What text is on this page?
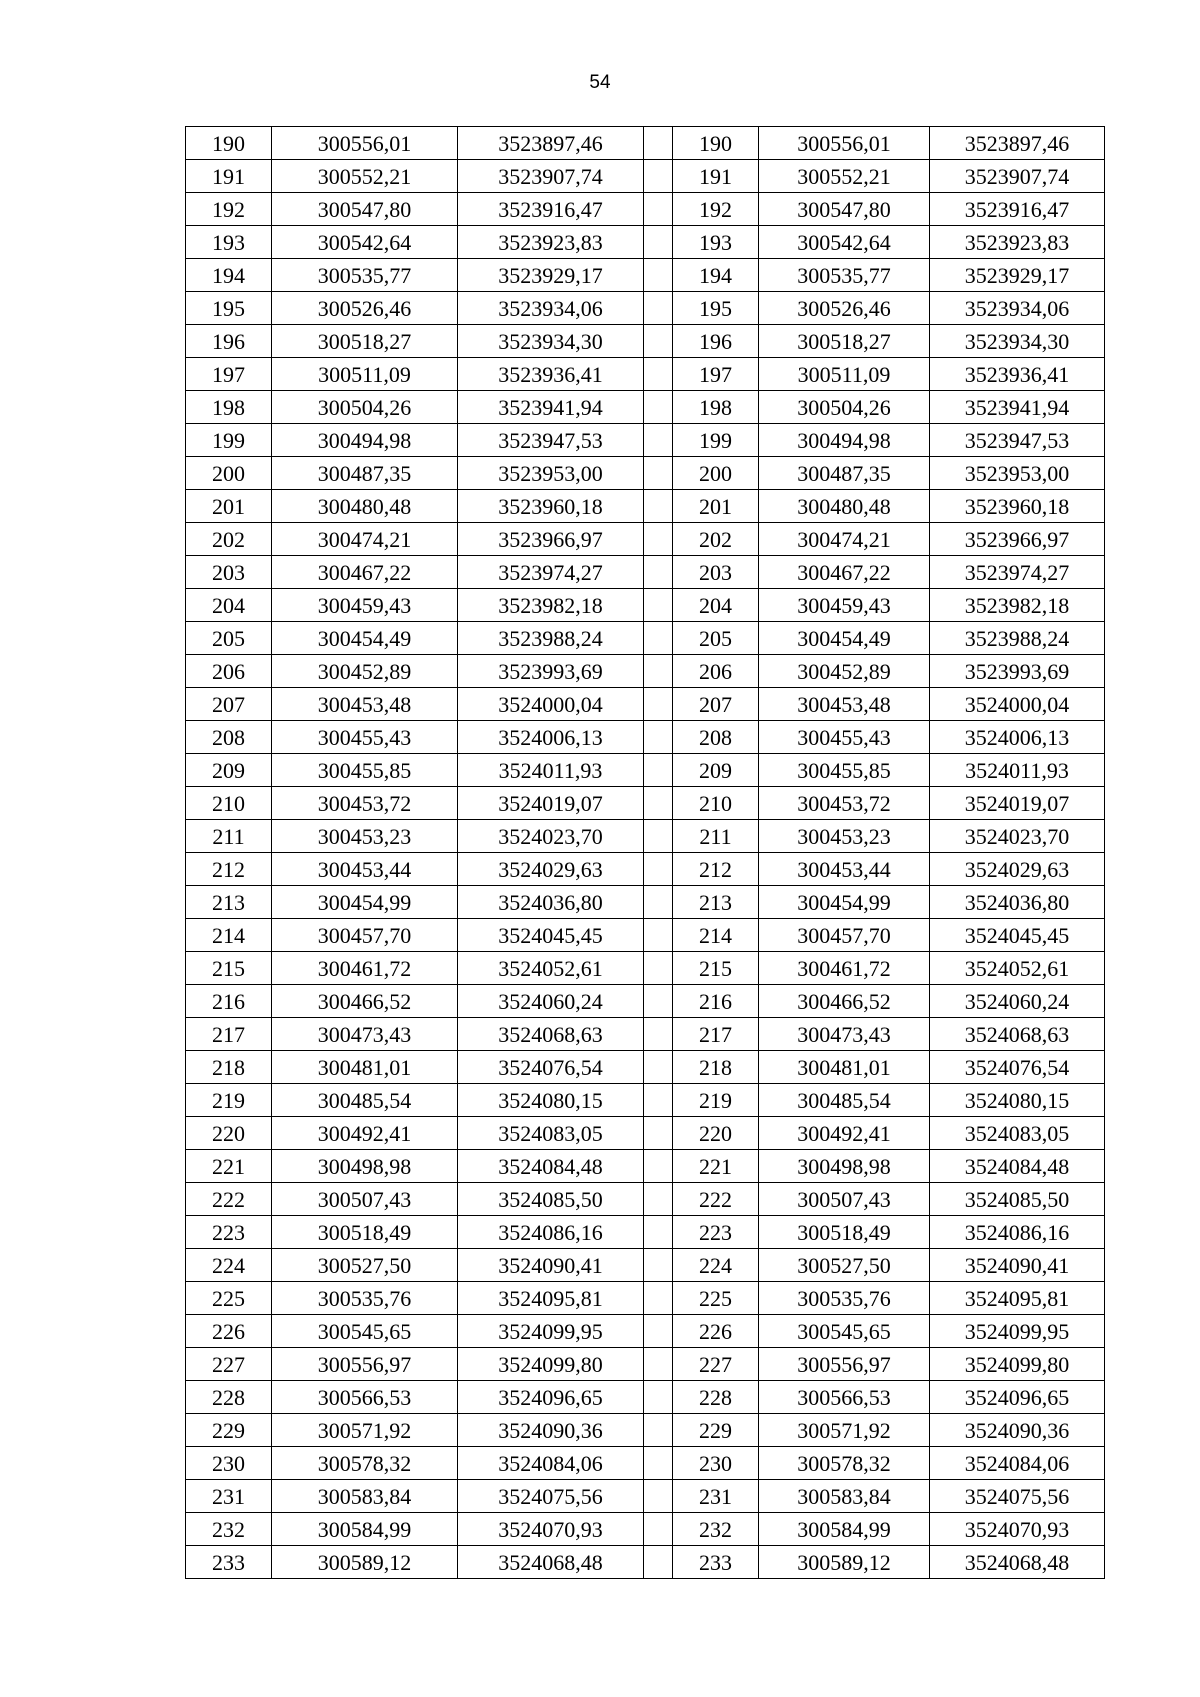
54
190	300556,01	3523897,46		190	300556,01	3523897,46
191	300552,21	3523907,74		191	300552,21	3523907,74
192	300547,80	3523916,47		192	300547,80	3523916,47
193	300542,64	3523923,83		193	300542,64	3523923,83
194	300535,77	3523929,17		194	300535,77	3523929,17
195	300526,46	3523934,06		195	300526,46	3523934,06
196	300518,27	3523934,30		196	300518,27	3523934,30
197	300511,09	3523936,41		197	300511,09	3523936,41
198	300504,26	3523941,94		198	300504,26	3523941,94
199	300494,98	3523947,53		199	300494,98	3523947,53
200	300487,35	3523953,00		200	300487,35	3523953,00
201	300480,48	3523960,18		201	300480,48	3523960,18
202	300474,21	3523966,97		202	300474,21	3523966,97
203	300467,22	3523974,27		203	300467,22	3523974,27
204	300459,43	3523982,18		204	300459,43	3523982,18
205	300454,49	3523988,24		205	300454,49	3523988,24
206	300452,89	3523993,69		206	300452,89	3523993,69
207	300453,48	3524000,04		207	300453,48	3524000,04
208	300455,43	3524006,13		208	300455,43	3524006,13
209	300455,85	3524011,93		209	300455,85	3524011,93
210	300453,72	3524019,07		210	300453,72	3524019,07
211	300453,23	3524023,70		211	300453,23	3524023,70
212	300453,44	3524029,63		212	300453,44	3524029,63
213	300454,99	3524036,80		213	300454,99	3524036,80
214	300457,70	3524045,45		214	300457,70	3524045,45
215	300461,72	3524052,61		215	300461,72	3524052,61
216	300466,52	3524060,24		216	300466,52	3524060,24
217	300473,43	3524068,63		217	300473,43	3524068,63
218	300481,01	3524076,54		218	300481,01	3524076,54
219	300485,54	3524080,15		219	300485,54	3524080,15
220	300492,41	3524083,05		220	300492,41	3524083,05
221	300498,98	3524084,48		221	300498,98	3524084,48
222	300507,43	3524085,50		222	300507,43	3524085,50
223	300518,49	3524086,16		223	300518,49	3524086,16
224	300527,50	3524090,41		224	300527,50	3524090,41
225	300535,76	3524095,81		225	300535,76	3524095,81
226	300545,65	3524099,95		226	300545,65	3524099,95
227	300556,97	3524099,80		227	300556,97	3524099,80
228	300566,53	3524096,65		228	300566,53	3524096,65
229	300571,92	3524090,36		229	300571,92	3524090,36
230	300578,32	3524084,06		230	300578,32	3524084,06
231	300583,84	3524075,56		231	300583,84	3524075,56
232	300584,99	3524070,93		232	300584,99	3524070,93
233	300589,12	3524068,48		233	300589,12	3524068,48
